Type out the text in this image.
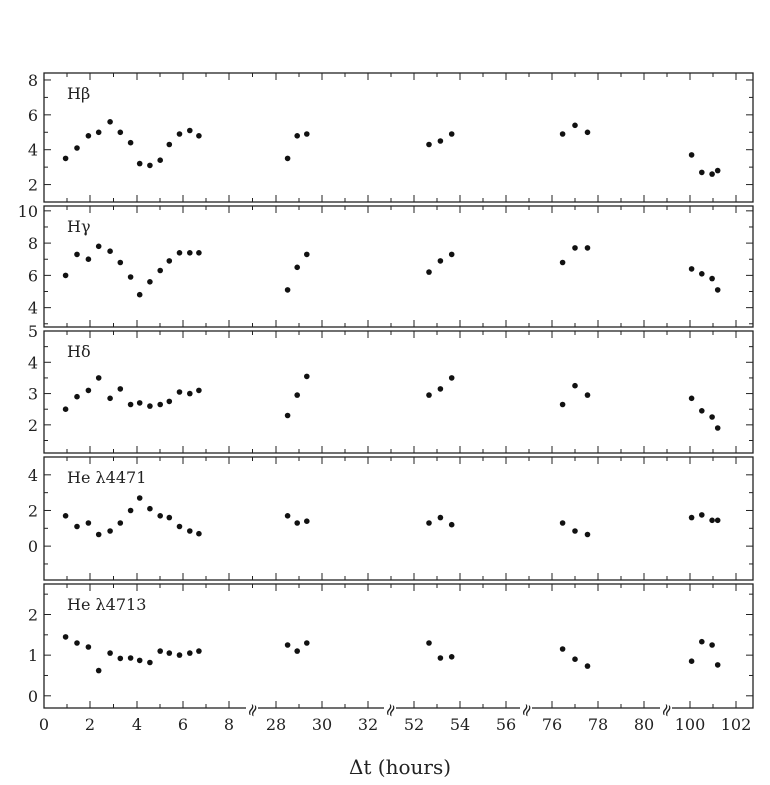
2
4
6
8
Hβ
4
6
8
10
Hγ
2
3
4
5
Hδ
0
2
4 He λ4471
0
1
2
He λ4713
0 2 4 6 8 28 30 32 52 54 56 76 78 80 100 102
≈	≈	≈	≈
Δt (hours)
